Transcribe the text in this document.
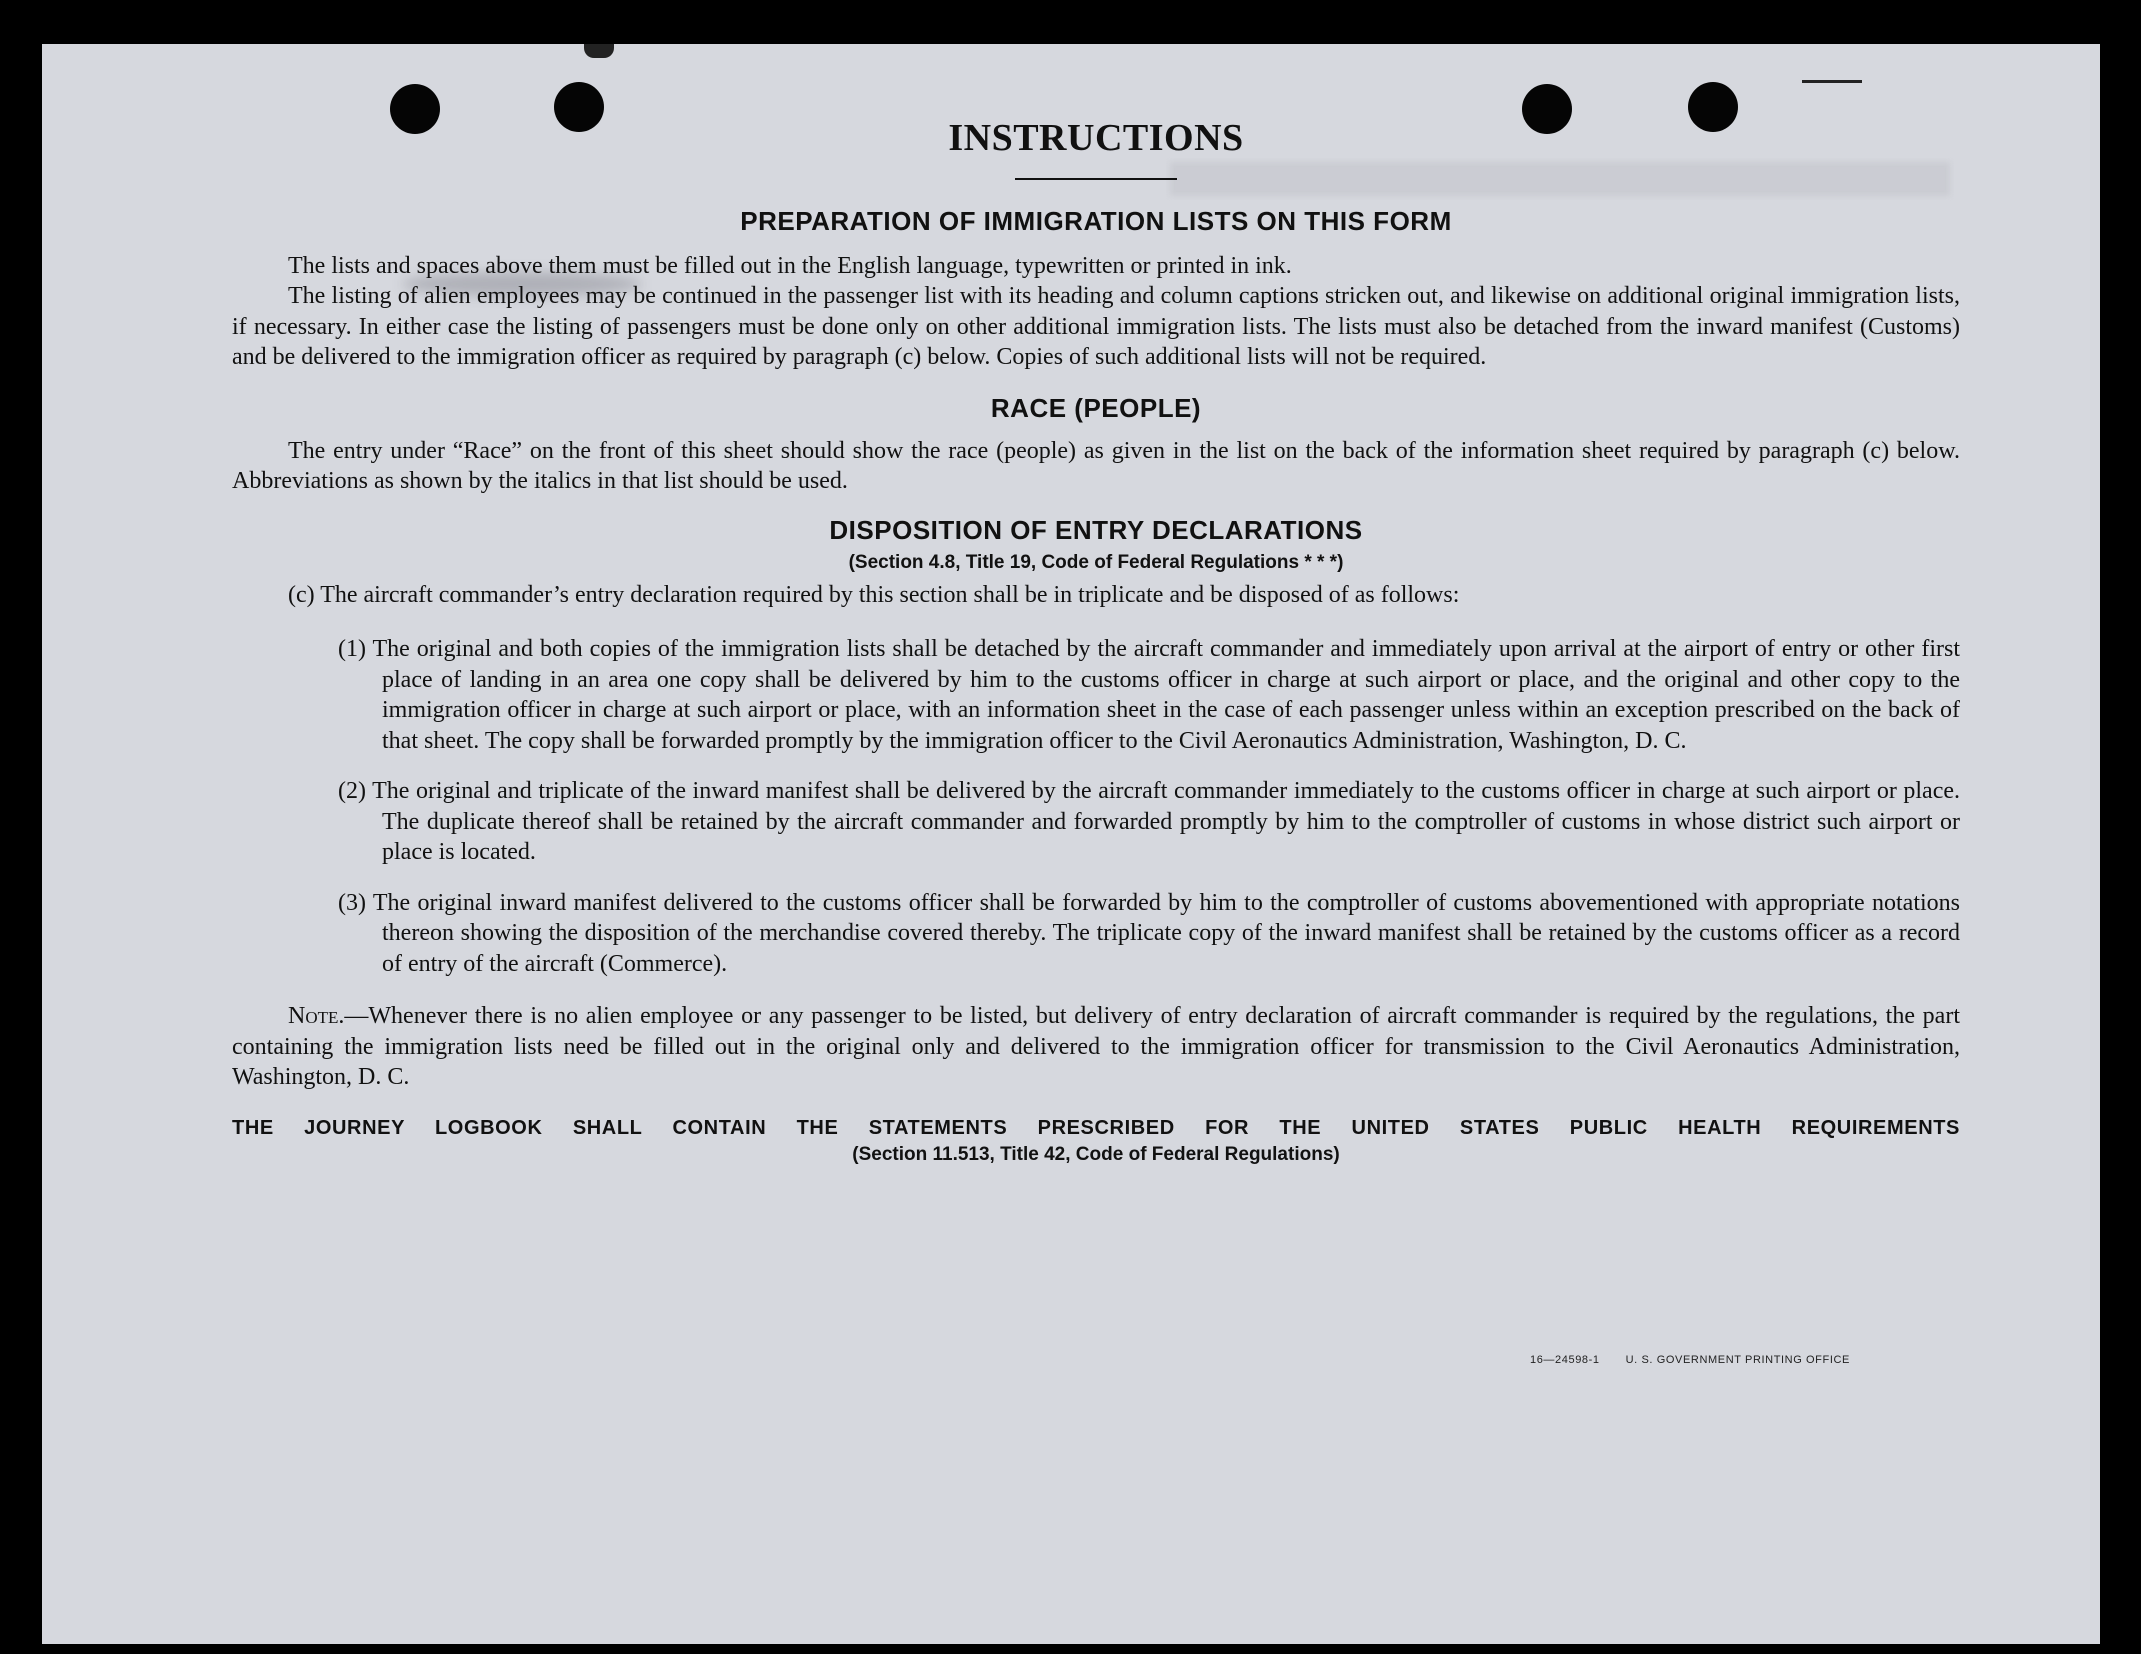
INSTRUCTIONS
PREPARATION OF IMMIGRATION LISTS ON THIS FORM

The lists and spaces above them must be filled out in the English language, typewritten or printed in ink.

The listing of alien employees may be continued in the passenger list with its heading and column captions stricken out, and likewise on additional original immigration lists, if necessary. In either case the listing of passengers must be done only on other additional immigration lists. The lists must also be detached from the inward manifest (Customs) and be delivered to the immigration officer as required by paragraph (c) below. Copies of such additional lists will not be required.

RACE (PEOPLE)

The entry under “Race” on the front of this sheet should show the race (people) as given in the list on the back of the information sheet required by paragraph (c) below. Abbreviations as shown by the italics in that list should be used.

DISPOSITION OF ENTRY DECLARATIONS

(Section 4.8, Title 19, Code of Federal Regulations * * *)

(c) The aircraft commander’s entry declaration required by this section shall be in triplicate and be disposed of as follows:

(1) The original and both copies of the immigration lists shall be detached by the aircraft commander and immediately upon arrival at the airport of entry or other first place of landing in an area one copy shall be delivered by him to the customs officer in charge at such airport or place, and the original and other copy to the immigration officer in charge at such airport or place, with an information sheet in the case of each passenger unless within an exception prescribed on the back of that sheet. The copy shall be forwarded promptly by the immigration officer to the Civil Aeronautics Administration, Washington, D. C.

(2) The original and triplicate of the inward manifest shall be delivered by the aircraft commander immediately to the customs officer in charge at such airport or place. The duplicate thereof shall be retained by the aircraft commander and forwarded promptly by him to the comptroller of customs in whose district such airport or place is located.

(3) The original inward manifest delivered to the customs officer shall be forwarded by him to the comptroller of customs abovementioned with appropriate notations thereon showing the disposition of the merchandise covered thereby. The triplicate copy of the inward manifest shall be retained by the customs officer as a record of entry of the aircraft (Commerce).

Note.—Whenever there is no alien employee or any passenger to be listed, but delivery of entry declaration of aircraft commander is required by the regulations, the part containing the immigration lists need be filled out in the original only and delivered to the immigration officer for transmission to the Civil Aeronautics Administration, Washington, D. C.

THE JOURNEY LOGBOOK SHALL CONTAIN THE STATEMENTS PRESCRIBED FOR THE UNITED STATES PUBLIC HEALTH REQUIREMENTS

(Section 11.513, Title 42, Code of Federal Regulations)

16—24598-1 U. S. GOVERNMENT PRINTING OFFICE
